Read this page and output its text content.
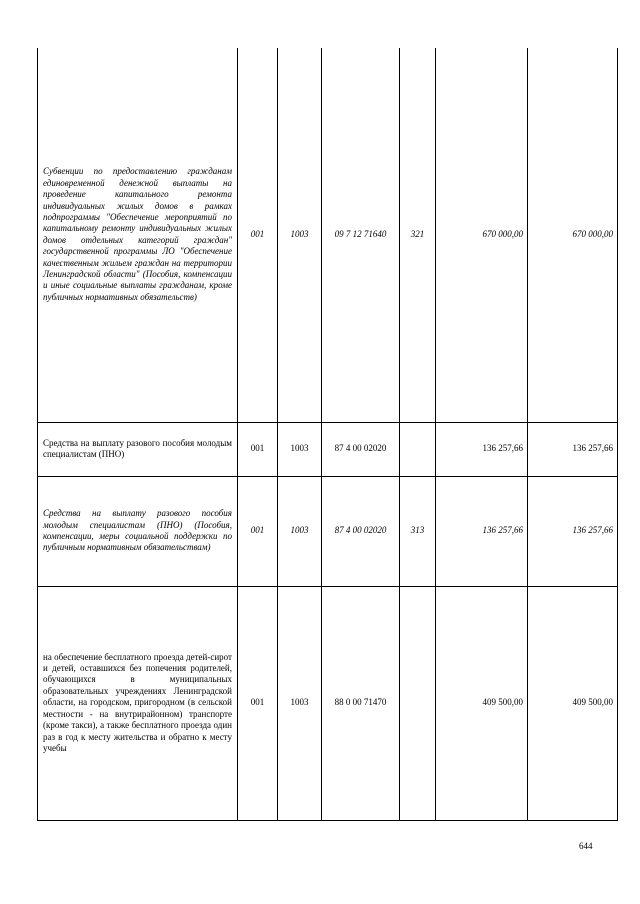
Субвенции по предоставлению гражданам единовременной денежной выплаты на проведение капитального ремонта индивидуальных жилых домов в рамках подпрограммы "Обеспечение мероприятий по капитальному ремонту индивидуальных жилых домов отдельных категорий граждан" государственной программы ЛО "Обеспечение качественным жильем граждан на территории Ленинградской области" (Пособия, компенсации и иные социальные выплаты гражданам, кроме публичных нормативных обязательств)	001	1003	09 7 12 71640	321	670 000,00	670 000,00
Средства на выплату разового пособия молодым специалистам (ПНО)	001	1003	87 4 00 02020		136 257,66	136 257,66
Средства на выплату разового пособия молодым специалистам (ПНО) (Пособия, компенсации, меры социальной поддержки по публичным нормативным обязательствам)	001	1003	87 4 00 02020	313	136 257,66	136 257,66
на обеспечение бесплатного проезда детей-сирот и детей, оставшихся без попечения родителей, обучающихся в муниципальных образовательных учреждениях Ленинградской области, на городском, пригородном (в сельской местности - на внутрирайонном) транспорте (кроме такси), а также бесплатного проезда один раз в год к месту жительства и обратно к месту учебы	001	1003	88 0 00 71470		409 500,00	409 500,00
644
